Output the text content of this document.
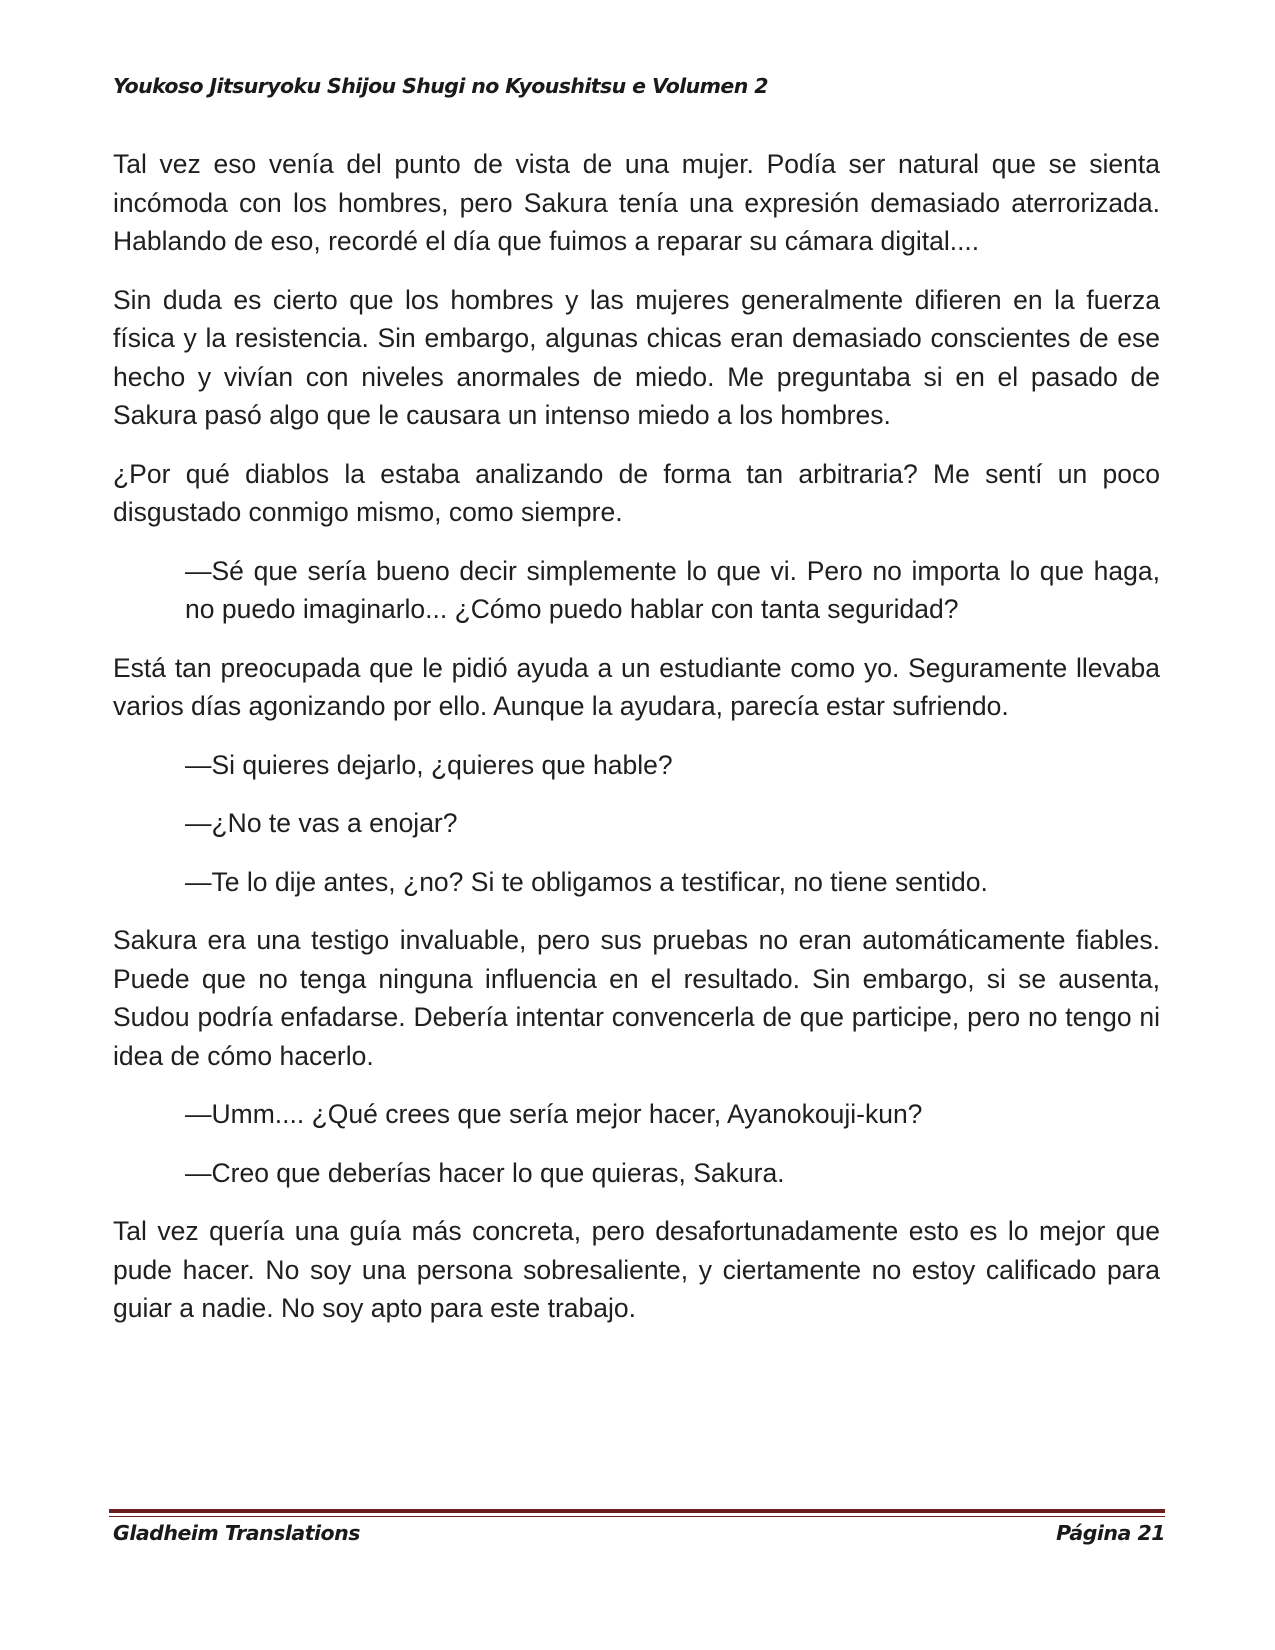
Youkoso Jitsuryoku Shijou Shugi no Kyoushitsu e Volumen 2

Tal vez eso venía del punto de vista de una mujer. Podía ser natural que se sienta incómoda con los hombres, pero Sakura tenía una expresión demasiado aterrorizada. Hablando de eso, recordé el día que fuimos a reparar su cámara digital....

Sin duda es cierto que los hombres y las mujeres generalmente difieren en la fuerza física y la resistencia. Sin embargo, algunas chicas eran demasiado conscientes de ese hecho y vivían con niveles anormales de miedo. Me preguntaba si en el pasado de Sakura pasó algo que le causara un intenso miedo a los hombres.

¿Por qué diablos la estaba analizando de forma tan arbitraria? Me sentí un poco disgustado conmigo mismo, como siempre.

—Sé que sería bueno decir simplemente lo que vi. Pero no importa lo que haga, no puedo imaginarlo... ¿Cómo puedo hablar con tanta seguridad?

Está tan preocupada que le pidió ayuda a un estudiante como yo. Seguramente llevaba varios días agonizando por ello. Aunque la ayudara, parecía estar sufriendo.

—Si quieres dejarlo, ¿quieres que hable?

—¿No te vas a enojar?

—Te lo dije antes, ¿no? Si te obligamos a testificar, no tiene sentido.

Sakura era una testigo invaluable, pero sus pruebas no eran automáticamente fiables. Puede que no tenga ninguna influencia en el resultado. Sin embargo, si se ausenta, Sudou podría enfadarse. Debería intentar convencerla de que participe, pero no tengo ni idea de cómo hacerlo.

—Umm.... ¿Qué crees que sería mejor hacer, Ayanokouji-kun?

—Creo que deberías hacer lo que quieras, Sakura.

Tal vez quería una guía más concreta, pero desafortunadamente esto es lo mejor que pude hacer. No soy una persona sobresaliente, y ciertamente no estoy calificado para guiar a nadie. No soy apto para este trabajo.

Gladheim Translations	Página 21
